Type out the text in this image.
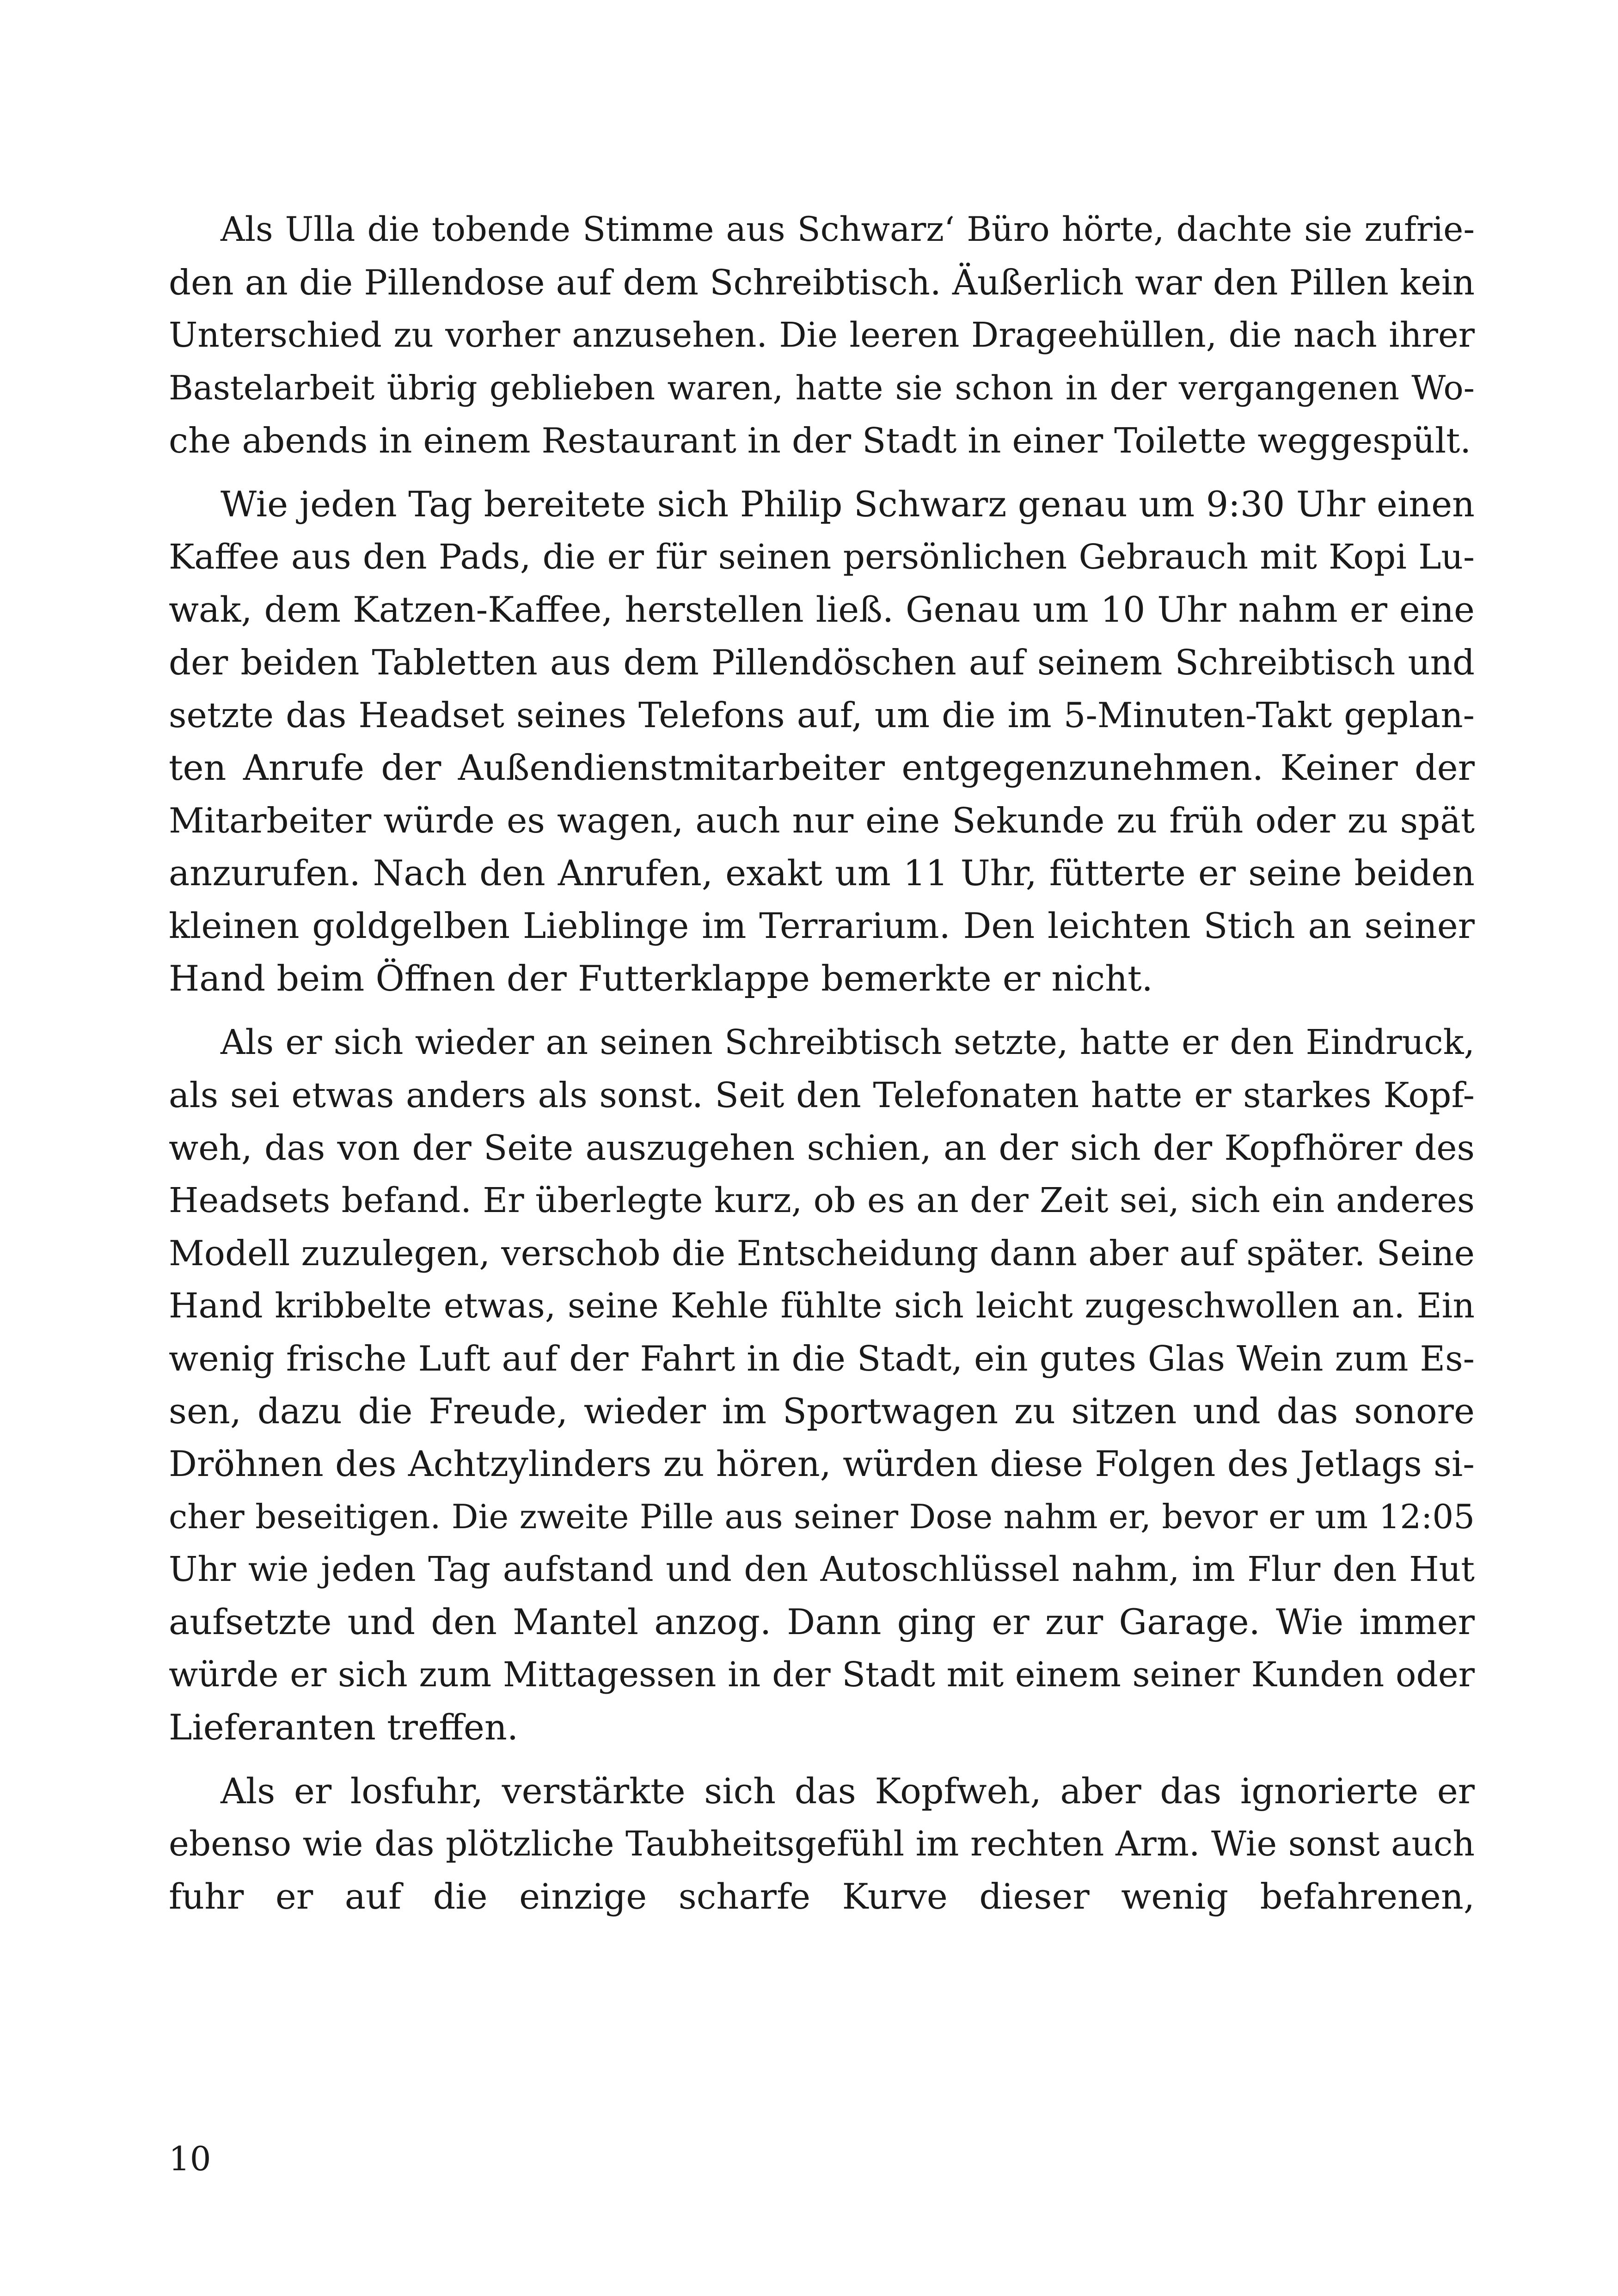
Als Ulla die tobende Stimme aus Schwarz‘ Büro hörte, dachte sie zufrie-
den an die Pillendose auf dem Schreibtisch. Äußerlich war den Pillen kein
Unterschied zu vorher anzusehen. Die leeren Drageehüllen, die nach ihrer
Bastelarbeit übrig geblieben waren, hatte sie schon in der vergangenen Wo-
che abends in einem Restaurant in der Stadt in einer Toilette weggespült.

Wie jeden Tag bereitete sich Philip Schwarz genau um 9:30 Uhr einen
Kaffee aus den Pads, die er für seinen persönlichen Gebrauch mit Kopi Lu-
wak, dem Katzen-Kaffee, herstellen ließ. Genau um 10 Uhr nahm er eine
der beiden Tabletten aus dem Pillendöschen auf seinem Schreibtisch und
setzte das Headset seines Telefons auf, um die im 5-Minuten-Takt geplan-
ten Anrufe der Außendienstmitarbeiter entgegenzunehmen. Keiner der
Mitarbeiter würde es wagen, auch nur eine Sekunde zu früh oder zu spät
anzurufen. Nach den Anrufen, exakt um 11 Uhr, fütterte er seine beiden
kleinen goldgelben Lieblinge im Terrarium. Den leichten Stich an seiner
Hand beim Öffnen der Futterklappe bemerkte er nicht.

Als er sich wieder an seinen Schreibtisch setzte, hatte er den Eindruck,
als sei etwas anders als sonst. Seit den Telefonaten hatte er starkes Kopf-
weh, das von der Seite auszugehen schien, an der sich der Kopfhörer des
Headsets befand. Er überlegte kurz, ob es an der Zeit sei, sich ein anderes
Modell zuzulegen, verschob die Entscheidung dann aber auf später. Seine
Hand kribbelte etwas, seine Kehle fühlte sich leicht zugeschwollen an. Ein
wenig frische Luft auf der Fahrt in die Stadt, ein gutes Glas Wein zum Es-
sen, dazu die Freude, wieder im Sportwagen zu sitzen und das sonore
Dröhnen des Achtzylinders zu hören, würden diese Folgen des Jetlags si-
cher beseitigen. Die zweite Pille aus seiner Dose nahm er, bevor er um 12:05
Uhr wie jeden Tag aufstand und den Autoschlüssel nahm, im Flur den Hut
aufsetzte und den Mantel anzog. Dann ging er zur Garage. Wie immer
würde er sich zum Mittagessen in der Stadt mit einem seiner Kunden oder
Lieferanten treffen.

Als er losfuhr, verstärkte sich das Kopfweh, aber das ignorierte er
ebenso wie das plötzliche Taubheitsgefühl im rechten Arm. Wie sonst auch
fuhr er auf die einzige scharfe Kurve dieser wenig befahrenen,

10
